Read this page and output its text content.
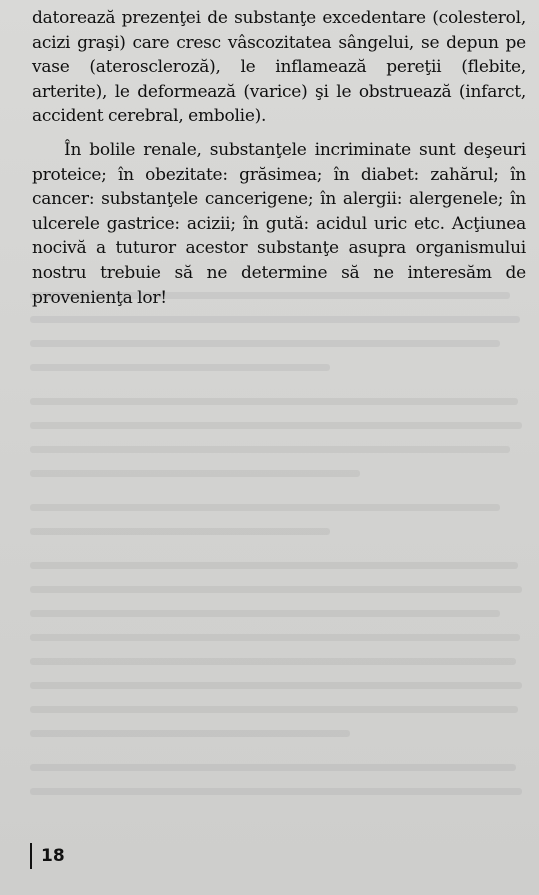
datorează prezenţei de substanţe excedentare (colesterol, acizi graşi) care cresc vâscozitatea sângelui, se depun pe vase (ateroscleroză), le inflamează pereţii (flebite, arterite), le deformează (varice) şi le obstruează (infarct, accident cerebral, embolie).

În bolile renale, substanţele incriminate sunt deşeuri proteice; în obezitate: grăsimea; în diabet: zahărul; în cancer: substanţele cancerigene; în alergii: alergenele; în ulcerele gastrice: acizii; în gută: acidul uric etc. Acţiunea nocivă a tuturor acestor substanţe asupra organismului nostru trebuie să ne determine să ne interesăm de provenienţa lor!

18
